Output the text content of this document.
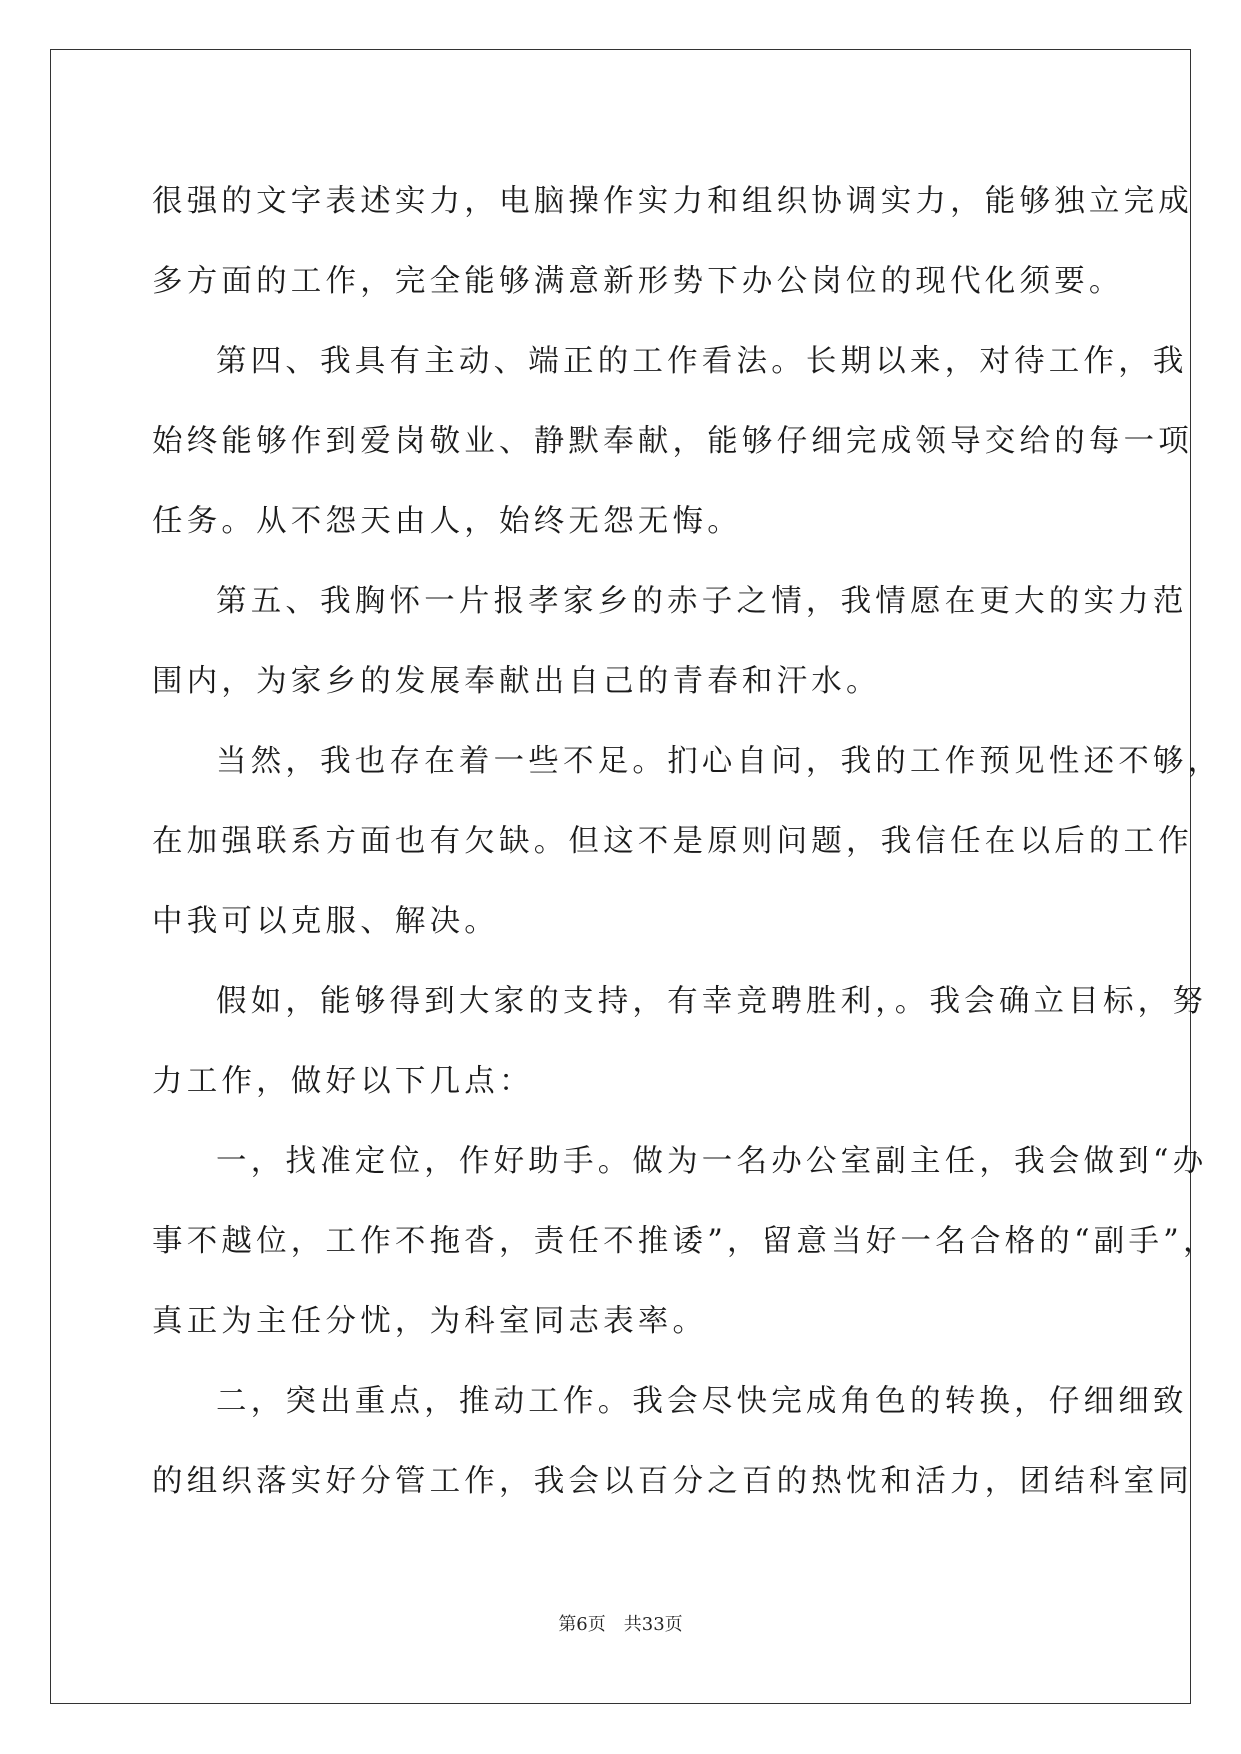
很强的文字表述实力，电脑操作实力和组织协调实力，能够独立完成
多方面的工作，完全能够满意新形势下办公岗位的现代化须要。
第四、我具有主动、端正的工作看法。长期以来，对待工作，我
始终能够作到爱岗敬业、静默奉献，能够仔细完成领导交给的每一项
任务。从不怨天由人，始终无怨无悔。
第五、我胸怀一片报孝家乡的赤子之情，我情愿在更大的实力范
围内，为家乡的发展奉献出自己的青春和汗水。
当然，我也存在着一些不足。扪心自问，我的工作预见性还不够，
在加强联系方面也有欠缺。但这不是原则问题，我信任在以后的工作
中我可以克服、解决。
假如，能够得到大家的支持，有幸竞聘胜利，。我会确立目标，努
力工作，做好以下几点：
一，找准定位，作好助手。做为一名办公室副主任，我会做到“办
事不越位，工作不拖沓，责任不推诿”，留意当好一名合格的“副手”，
真正为主任分忧，为科室同志表率。
二，突出重点，推动工作。我会尽快完成角色的转换，仔细细致
的组织落实好分管工作，我会以百分之百的热忱和活力，团结科室同
第6页 共33页
